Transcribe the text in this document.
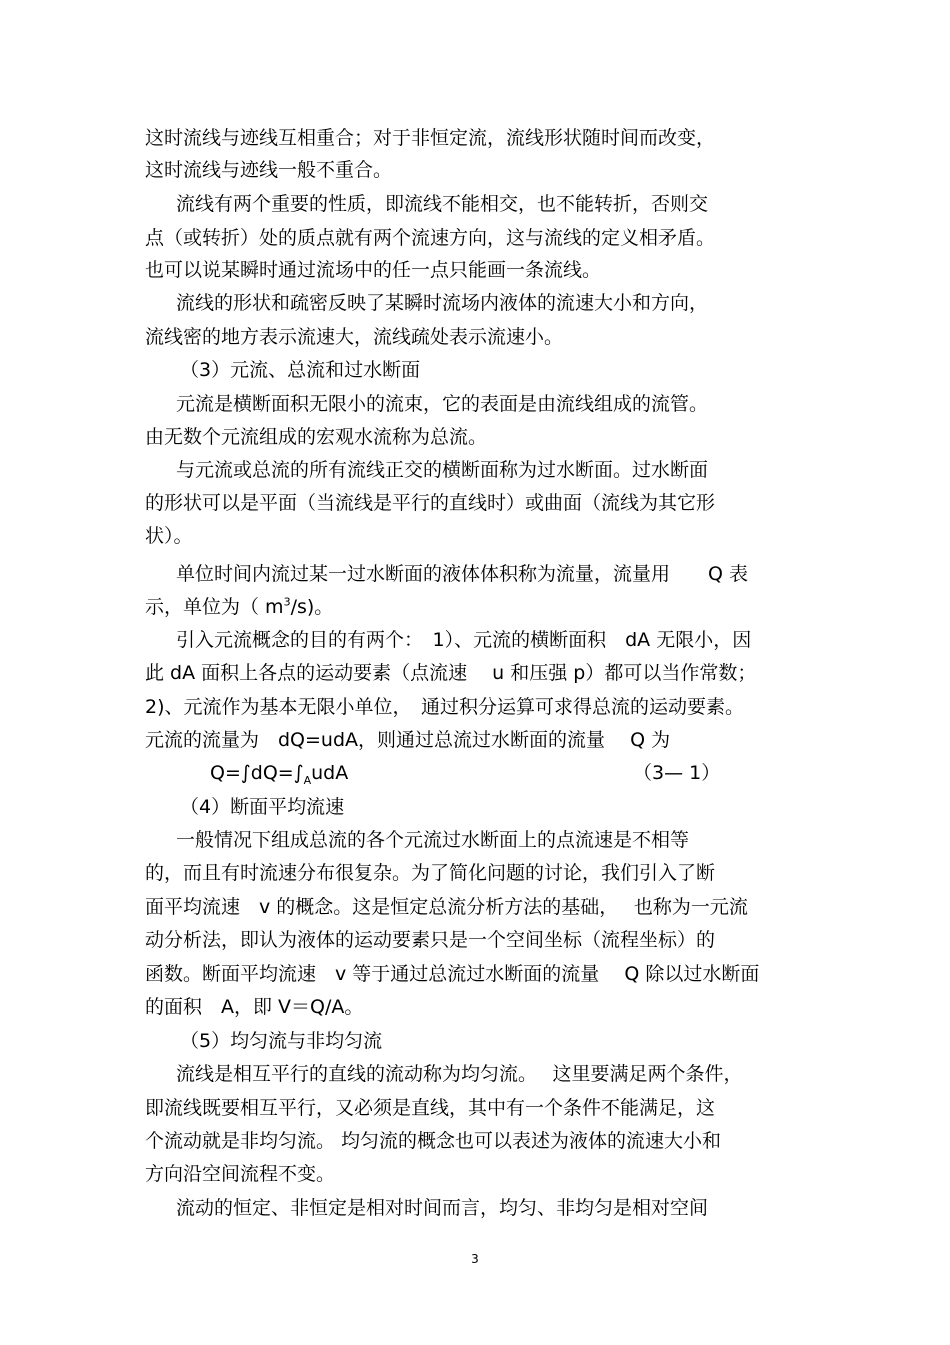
这时流线与迹线互相重合；对于非恒定流，流线形状随时间而改变，
这时流线与迹线一般不重合。
流线有两个重要的性质，即流线不能相交，也不能转折，否则交
点（或转折）处的质点就有两个流速方向，这与流线的定义相矛盾。
也可以说某瞬时通过流场中的任一点只能画一条流线。
流线的形状和疏密反映了某瞬时流场内液体的流速大小和方向，
流线密的地方表示流速大，流线疏处表示流速小。
（3）元流、总流和过水断面
元流是横断面积无限小的流束，它的表面是由流线组成的流管。
由无数个元流组成的宏观水流称为总流。
与元流或总流的所有流线正交的横断面称为过水断面。过水断面
的形状可以是平面（当流线是平行的直线时）或曲面（流线为其它形
状）。
单位时间内流过某一过水断面的液体体积称为流量，流量用　　Q 表
示，单位为（ $m^3/s$)。
引入元流概念的目的有两个：　1）、元流的横断面积　dA 无限小，因
此 dA 面积上各点的运动要素（点流速　 u 和压强 p）都可以当作常数；
2)、元流作为基本无限小单位，　通过积分运算可求得总流的运动要素。
元流的流量为　dQ=udA，则通过总流过水断面的流量　 Q 为
$Q=\int dQ=\int_AudA$	（3— 1）
（4）断面平均流速
一般情况下组成总流的各个元流过水断面上的点流速是不相等
的，而且有时流速分布很复杂。为了简化问题的讨论，我们引入了断
面平均流速　v 的概念。这是恒定总流分析方法的基础，　 也称为一元流
动分析法，即认为液体的运动要素只是一个空间坐标（流程坐标）的
函数。断面平均流速　v 等于通过总流过水断面的流量　 Q 除以过水断面
的面积　A，即 V＝Q/A。
（5）均匀流与非均匀流
流线是相互平行的直线的流动称为均匀流。　 这里要满足两个条件，
即流线既要相互平行，又必须是直线，其中有一个条件不能满足，这
个流动就是非均匀流。 均匀流的概念也可以表述为液体的流速大小和
方向沿空间流程不变。
流动的恒定、非恒定是相对时间而言，均匀、非均匀是相对空间
3
